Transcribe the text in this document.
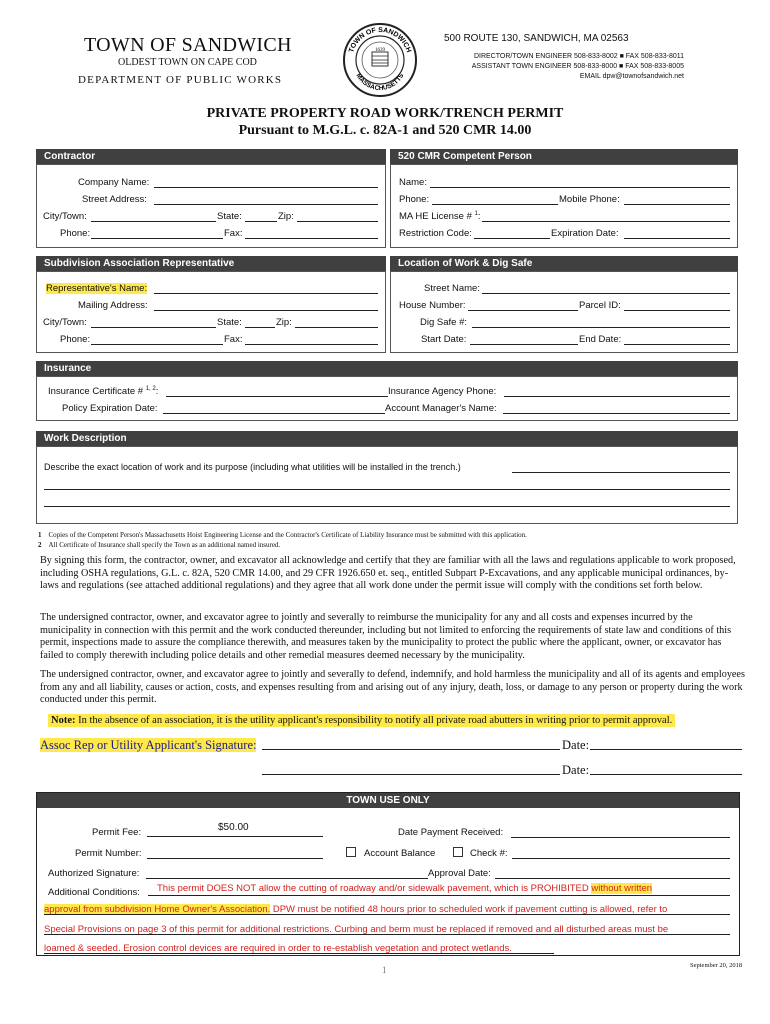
TOWN OF SANDWICH
OLDEST TOWN ON CAPE COD
DEPARTMENT OF PUBLIC WORKS
1639
TOWN OF SANDWICH
MASSACHUSETTS
500 ROUTE 130, SANDWICH, MA 02563
DIRECTOR/TOWN ENGINEER 508-833-8002 ■ FAX 508-833-8011
ASSISTANT TOWN ENGINEER 508-833-8000 ■ FAX 508-833-8005
EMAIL dpw@townofsandwich.net
PRIVATE PROPERTY ROAD WORK/TRENCH PERMIT
Pursuant to M.G.L. c. 82A-1 and 520 CMR 14.00
Contractor
Company Name:
Street Address:
City/Town:	State:	Zip:
Phone:	Fax:
520 CMR Competent Person
Name:
Phone:	Mobile Phone:
MA HE License # $^1$:
Restriction Code:	Expiration Date:
Subdivision Association Representative
Representative's Name:
Mailing Address:
City/Town:	State:	Zip:
Phone:	Fax:
Location of Work & Dig Safe
Street Name:
House Number:	Parcel ID:
Dig Safe #:
Start Date:	End Date:
Insurance
Insurance Certificate # $^{1, 2}$:	Insurance Agency Phone:
Policy Expiration Date:	Account Manager's Name:
Work Description
Describe the exact location of work and its purpose (including what utilities will be installed in the trench.)
1 Copies of the Competent Person's Massachusetts Hoist Engineering License and the Contractor's Certificate of Liability Insurance must be submitted with this application.
2 All Certificate of Insurance shall specify the Town as an additional named insured.
By signing this form, the contractor, owner, and excavator all acknowledge and certify that they are familiar with all the laws and regulations applicable to work proposed, including OSHA regulations, G.L. c. 82A, 520 CMR 14.00, and 29 CFR 1926.650 et. seq., entitled Subpart P-Excavations, and any applicable municipal ordinances, by-laws and regulations (see attached additional regulations) and they agree that all work done under the permit issue will comply with the conditions set forth below.
The undersigned contractor, owner, and excavator agree to jointly and severally to reimburse the municipality for any and all costs and expenses incurred by the municipality in connection with this permit and the work conducted thereunder, including but not limited to enforcing the requirements of state law and conditions of this permit, inspections made to assure the compliance therewith, and measures taken by the municipality to protect the public where the applicant, owner, or excavator has failed to comply therewith including police details and other remedial measures deemed necessary by the municipality.
The undersigned contractor, owner, and excavator agree to jointly and severally to defend, indemnify, and hold harmless the municipality and all of its agents and employees from any and all liability, causes or action, costs, and expenses resulting from and arising out of any injury, death, loss, or damage to any person or property during the work conducted under this permit.
Note: In the absence of an association, it is the utility applicant's responsibility to notify all private road abutters in writing prior to permit approval.
Assoc Rep or Utility Applicant's Signature:	Date:
Date:
TOWN USE ONLY
Permit Fee:	$50.00	Date Payment Received:
Permit Number:	Account Balance	Check #:
Authorized Signature:	Approval Date:
Additional Conditions: This permit DOES NOT allow the cutting of roadway and/or sidewalk pavement, which is PROHIBITED without written
approval from subdivision Home Owner's Association. DPW must be notified 48 hours prior to scheduled work if pavement cutting is allowed, refer to
Special Provisions on page 3 of this permit for additional restrictions. Curbing and berm must be replaced if removed and all disturbed areas must be
loamed & seeded. Erosion control devices are required in order to re-establish vegetation and protect wetlands.
1	September 20, 2018
